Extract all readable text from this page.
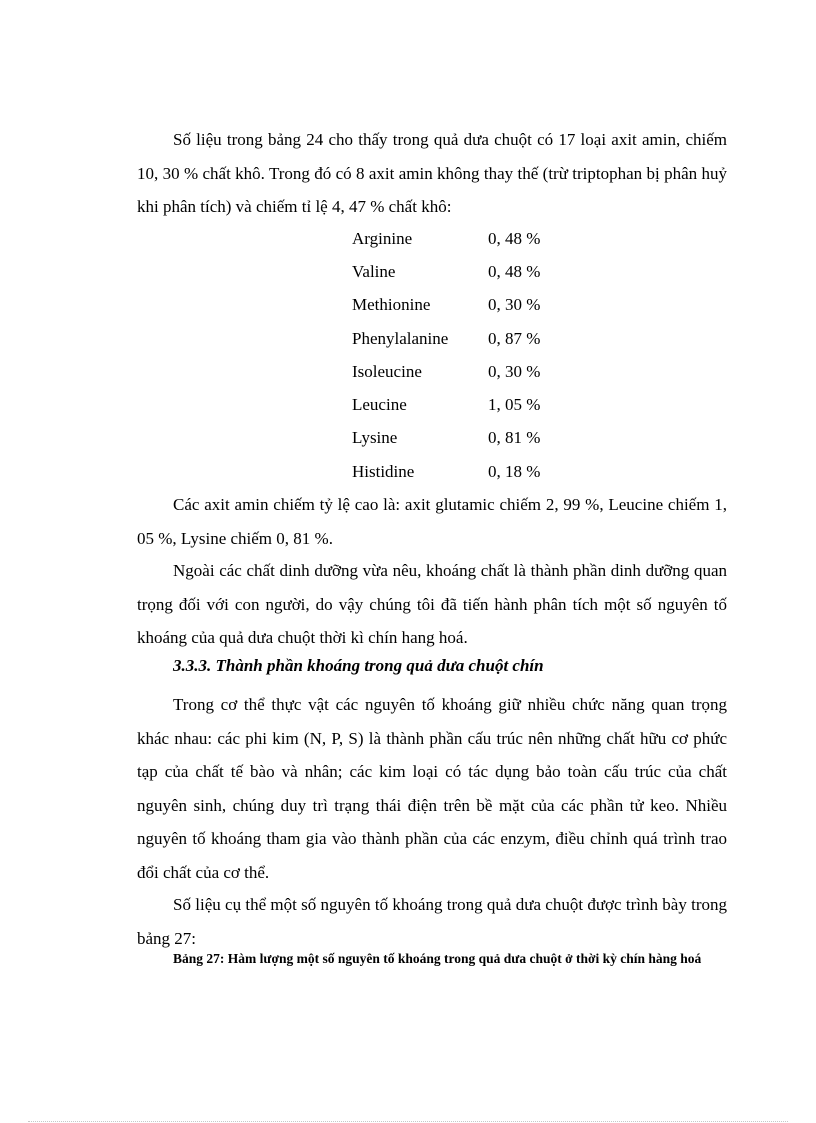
Số liệu trong bảng 24 cho thấy trong quả dưa chuột có 17 loại axit amin, chiếm 10, 30 % chất khô. Trong đó có 8 axit amin không thay thế (trừ triptophan bị phân huỷ khi phân tích) và chiếm tỉ lệ 4, 47 % chất khô:

Arginine	0, 48 %
Valine	0, 48 %
Methionine	0, 30 %
Phenylalanine	0, 87 %
Isoleucine	0, 30 %
Leucine	1, 05 %
Lysine	0, 81 %
Histidine	0, 18 %

Các axit amin chiếm tỷ lệ cao là: axit glutamic chiếm 2, 99 %, Leucine chiếm 1, 05 %, Lysine chiếm 0, 81 %.

Ngoài các chất dinh dưỡng vừa nêu, khoáng chất là thành phần dinh dưỡng quan trọng đối với con người, do vậy chúng tôi đã tiến hành phân tích một số nguyên tố khoáng của quả dưa chuột thời kì chín hang hoá.

3.3.3. Thành phần khoáng trong quả dưa chuột chín

Trong cơ thể thực vật các nguyên tố khoáng giữ nhiều chức năng quan trọng khác nhau: các phi kim (N, P, S) là thành phần cấu trúc nên những chất hữu cơ phức tạp của chất tế bào và nhân; các kim loại có tác dụng bảo toàn cấu trúc của chất nguyên sinh, chúng duy trì trạng thái điện trên bề mặt của các phần tử keo. Nhiều nguyên tố khoáng tham gia vào thành phần của các enzym, điều chỉnh quá trình trao đổi chất của cơ thể.

Số liệu cụ thể một số nguyên tố khoáng trong quả dưa chuột được trình bày trong bảng 27:

Bảng 27: Hàm lượng một số nguyên tố khoáng trong quả dưa chuột ở thời kỳ chín hàng hoá
